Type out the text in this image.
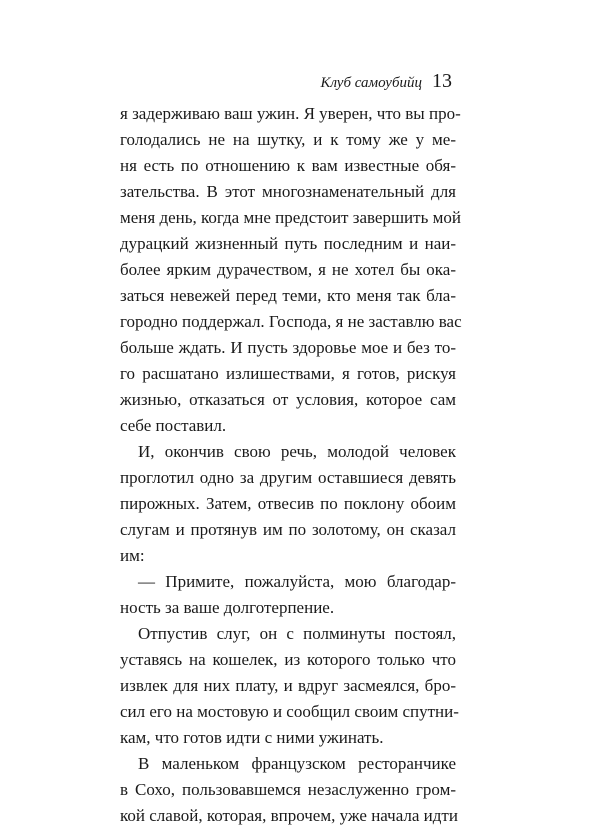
Клуб самоубийц 13
я задерживаю ваш ужин. Я уверен, что вы про-
голодались не на шутку, и к тому же у ме-
ня есть по отношению к вам известные обя-
зательства. В этот многознаменательный для
меня день, когда мне предстоит завершить мой
дурацкий жизненный путь последним и наи-
более ярким дурачеством, я не хотел бы ока-
заться невежей перед теми, кто меня так бла-
городно поддержал. Господа, я не заставлю вас
больше ждать. И пусть здоровье мое и без то-
го расшатано излишествами, я готов, рискуя
жизнью, отказаться от условия, которое сам
себе поставил.
И, окончив свою речь, молодой человек
проглотил одно за другим оставшиеся девять
пирожных. Затем, отвесив по поклону обоим
слугам и протянув им по золотому, он сказал
им:
— Примите, пожалуйста, мою благодар-
ность за ваше долготерпение.
Отпустив слуг, он с полминуты постоял,
уставясь на кошелек, из которого только что
извлек для них плату, и вдруг засмеялся, бро-
сил его на мостовую и сообщил своим спутни-
кам, что готов идти с ними ужинать.
В маленьком французском ресторанчике
в Сохо, пользовавшемся незаслуженно гром-
кой славой, которая, впрочем, уже начала идти
